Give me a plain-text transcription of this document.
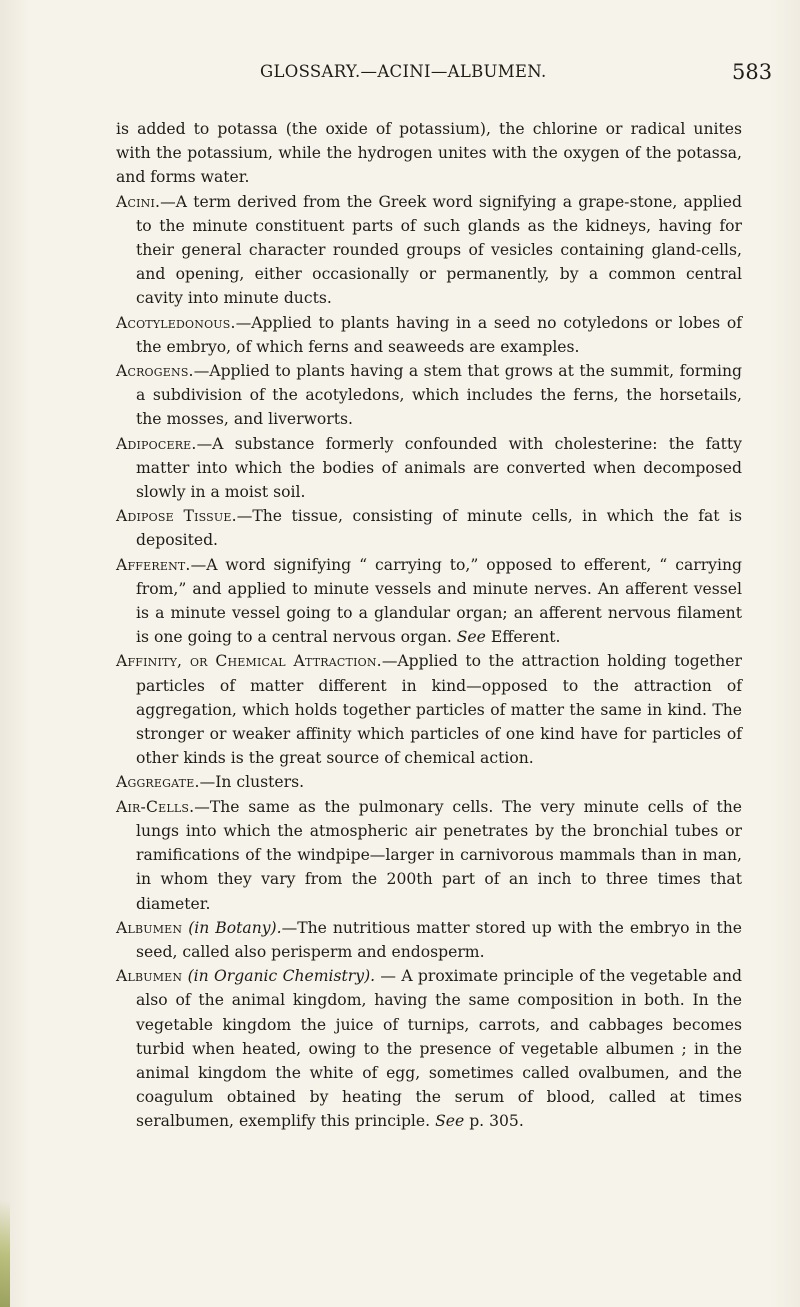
GLOSSARY.—ACINI—ALBUMEN.	583

is added to potassa (the oxide of potassium), the chlorine or radical unites with the potassium, while the hydrogen unites with the oxygen of the potassa, and forms water.

Acini.—A term derived from the Greek word signifying a grape-stone, applied to the minute constituent parts of such glands as the kidneys, having for their general character rounded groups of vesicles containing gland-cells, and opening, either occasionally or permanently, by a common central cavity into minute ducts.

Acotyledonous.—Applied to plants having in a seed no cotyledons or lobes of the embryo, of which ferns and seaweeds are examples.

Acrogens.—Applied to plants having a stem that grows at the summit, forming a subdivision of the acotyledons, which includes the ferns, the horsetails, the mosses, and liverworts.

Adipocere.—A substance formerly confounded with cholesterine: the fatty matter into which the bodies of animals are converted when decomposed slowly in a moist soil.

Adipose Tissue.—The tissue, consisting of minute cells, in which the fat is deposited.

Afferent.—A word signifying “ carrying to,” opposed to efferent, “ carrying from,” and applied to minute vessels and minute nerves. An afferent vessel is a minute vessel going to a glandular organ; an afferent nervous filament is one going to a central nervous organ. See Efferent.

Affinity, or Chemical Attraction.—Applied to the attraction holding together particles of matter different in kind—opposed to the attraction of aggregation, which holds together particles of matter the same in kind. The stronger or weaker affinity which particles of one kind have for particles of other kinds is the great source of chemical action.

Aggregate.—In clusters.

Air-Cells.—The same as the pulmonary cells. The very minute cells of the lungs into which the atmospheric air penetrates by the bronchial tubes or ramifications of the windpipe—larger in carnivorous mammals than in man, in whom they vary from the 200th part of an inch to three times that diameter.

Albumen (in Botany).—The nutritious matter stored up with the embryo in the seed, called also perisperm and endosperm.

Albumen (in Organic Chemistry). — A proximate principle of the vegetable and also of the animal kingdom, having the same composition in both. In the vegetable kingdom the juice of turnips, carrots, and cabbages becomes turbid when heated, owing to the presence of vegetable albumen ; in the animal kingdom the white of egg, sometimes called ovalbumen, and the coagulum obtained by heating the serum of blood, called at times seralbumen, exemplify this principle. See p. 305.
